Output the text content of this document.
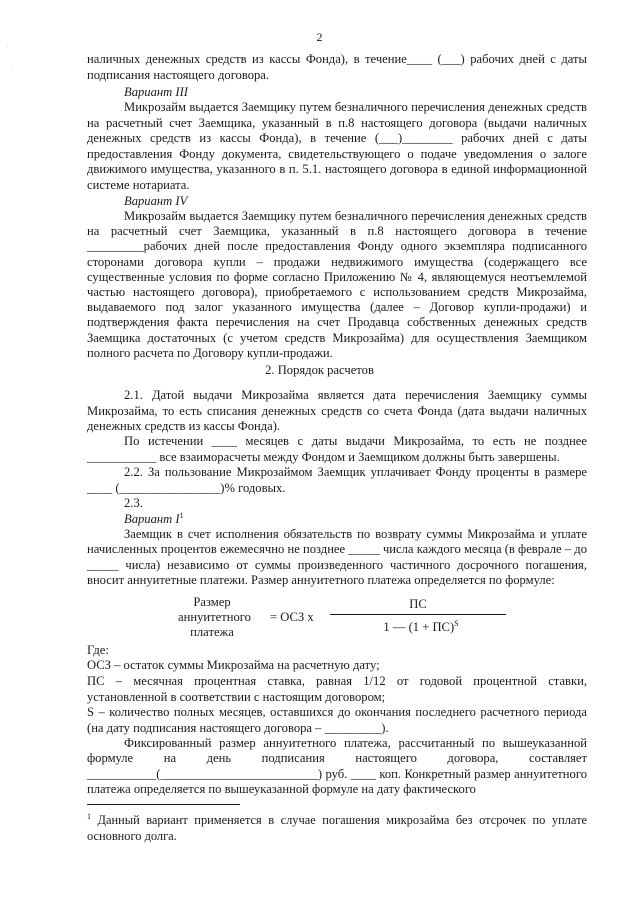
2
наличных денежных средств из кассы Фонда), в течение____ (___) рабочих дней с даты подписания настоящего договора.
Вариант III
Микрозайм выдается Заемщику путем безналичного перечисления денежных средств на расчетный счет Заемщика, указанный в п.8 настоящего договора (выдачи наличных денежных средств из кассы Фонда), в течение (___)________ рабочих дней с даты предоставления Фонду документа, свидетельствующего о подаче уведомления о залоге движимого имущества, указанного в п. 5.1. настоящего договора в единой информационной системе нотариата.
Вариант IV
Микрозайм выдается Заемщику путем безналичного перечисления денежных средств на расчетный счет Заемщика, указанный в п.8 настоящего договора в течение _________рабочих дней после предоставления Фонду одного экземпляра подписанного сторонами договора купли – продажи недвижимого имущества (содержащего все существенные условия по форме согласно Приложению № 4, являющемуся неотъемлемой частью настоящего договора), приобретаемого с использованием средств Микрозайма, выдаваемого под залог указанного имущества (далее – Договор купли-продажи) и подтверждения факта перечисления на счет Продавца собственных денежных средств Заемщика достаточных (с учетом средств Микрозайма) для осуществления Заемщиком полного расчета по Договору купли-продажи.
2. Порядок расчетов
2.1. Датой выдачи Микрозайма является дата перечисления Заемщику суммы Микрозайма, то есть списания денежных средств со счета Фонда (дата выдачи наличных денежных средств из кассы Фонда).
По истечении ____ месяцев с даты выдачи Микрозайма, то есть не позднее ___________ все взаиморасчеты между Фондом и Заемщиком должны быть завершены.
2.2. За пользование Микрозаймом Заемщик уплачивает Фонду проценты в размере ____ (________________)% годовых.
2.3.
Вариант $I^1$
Заемщик в счет исполнения обязательств по возврату суммы Микрозайма и уплате начисленных процентов ежемесячно не позднее _____ числа каждого месяца (в феврале – до _____ числа) независимо от суммы произведенного частичного досрочного погашения, вносит аннуитетные платежи. Размер аннуитетного платежа определяется по формуле:
Размер аннуитетного платежа
= ОСЗ х
ПС
1 — (1 + ПС)$^S$
Где:
ОСЗ – остаток суммы Микрозайма на расчетную дату;
ПС – месячная процентная ставка, равная 1/12 от годовой процентной ставки, установленной в соответствии с настоящим договором;
S – количество полных месяцев, оставшихся до окончания последнего расчетного периода (на дату подписания настоящего договора – _________).
Фиксированный размер аннуитетного платежа, рассчитанный по вышеуказанной формуле на день подписания настоящего договора, составляет ___________(_________________________) руб. ____ коп. Конкретный размер аннуитетного платежа определяется по вышеуказанной формуле на дату фактического
$^1$ Данный вариант применяется в случае погашения микрозайма без отсрочек по уплате основного долга.
·
·
